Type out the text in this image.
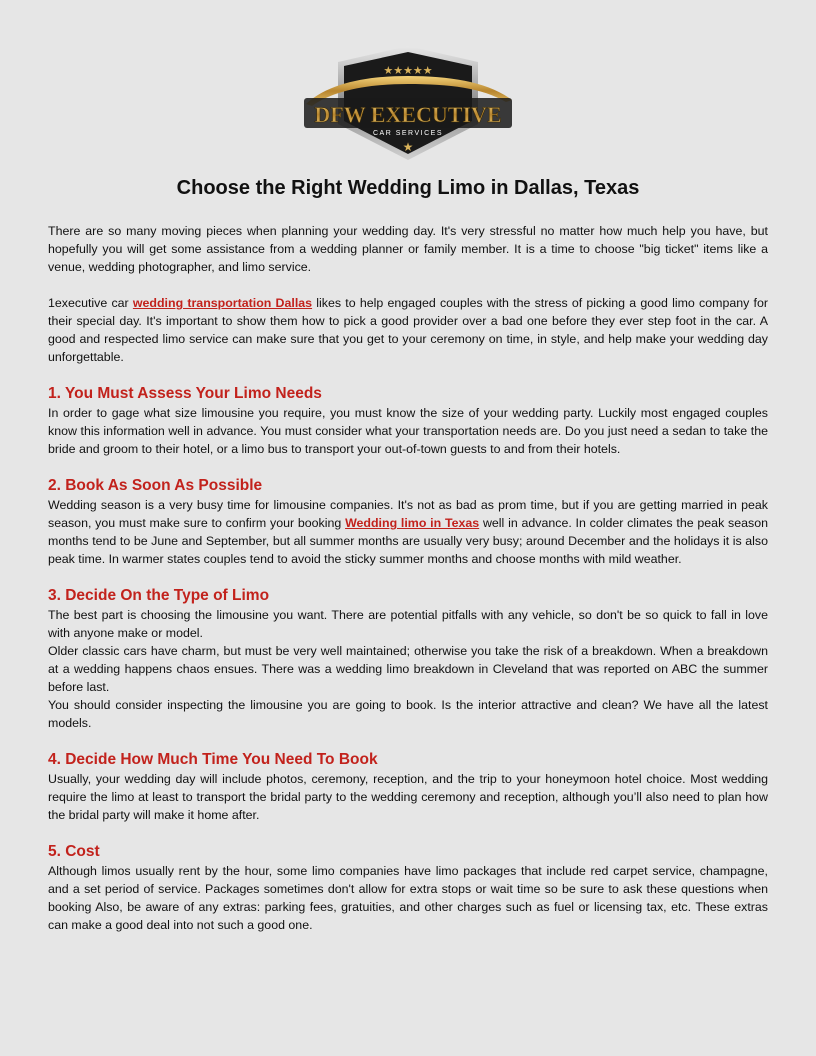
★★★★★
DFW EXECUTIVE
CAR SERVICES
★
Choose the Right Wedding Limo in Dallas, Texas

There are so many moving pieces when planning your wedding day. It's very stressful no matter how much help you have, but hopefully you will get some assistance from a wedding planner or family member. It is a time to choose "big ticket" items like a venue, wedding photographer, and limo service.

1executive car wedding transportation Dallas likes to help engaged couples with the stress of picking a good limo company for their special day. It's important to show them how to pick a good provider over a bad one before they ever step foot in the car. A good and respected limo service can make sure that you get to your ceremony on time, in style, and help make your wedding day unforgettable.

1. You Must Assess Your Limo Needs

In order to gage what size limousine you require, you must know the size of your wedding party. Luckily most engaged couples know this information well in advance. You must consider what your transportation needs are. Do you just need a sedan to take the bride and groom to their hotel, or a limo bus to transport your out-of-town guests to and from their hotels.

2. Book As Soon As Possible

Wedding season is a very busy time for limousine companies. It's not as bad as prom time, but if you are getting married in peak season, you must make sure to confirm your booking Wedding limo in Texas well in advance. In colder climates the peak season months tend to be June and September, but all summer months are usually very busy; around December and the holidays it is also peak time. In warmer states couples tend to avoid the sticky summer months and choose months with mild weather.

3. Decide On the Type of Limo

The best part is choosing the limousine you want. There are potential pitfalls with any vehicle, so don't be so quick to fall in love with anyone make or model.

Older classic cars have charm, but must be very well maintained; otherwise you take the risk of a breakdown. When a breakdown at a wedding happens chaos ensues. There was a wedding limo breakdown in Cleveland that was reported on ABC the summer before last.

You should consider inspecting the limousine you are going to book. Is the interior attractive and clean? We have all the latest models.

4. Decide How Much Time You Need To Book

Usually, your wedding day will include photos, ceremony, reception, and the trip to your honeymoon hotel choice. Most wedding require the limo at least to transport the bridal party to the wedding ceremony and reception, although you’ll also need to plan how the bridal party will make it home after.

5. Cost

Although limos usually rent by the hour, some limo companies have limo packages that include red carpet service, champagne, and a set period of service. Packages sometimes don't allow for extra stops or wait time so be sure to ask these questions when booking Also, be aware of any extras: parking fees, gratuities, and other charges such as fuel or licensing tax, etc. These extras can make a good deal into not such a good one.
